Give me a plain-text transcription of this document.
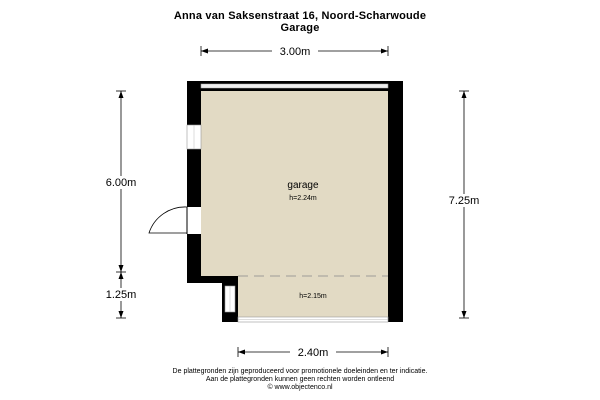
Anna van Saksenstraat 16, Noord-Scharwoude
Garage
garage
h=2.24m
h=2.15m
3.00m
6.00m
1.25m
7.25m
2.40m
De plattegronden zijn geproduceerd voor promotionele doeleinden en ter indicatie.
Aan de plattegronden kunnen geen rechten worden ontleend
© www.objectenco.nl
